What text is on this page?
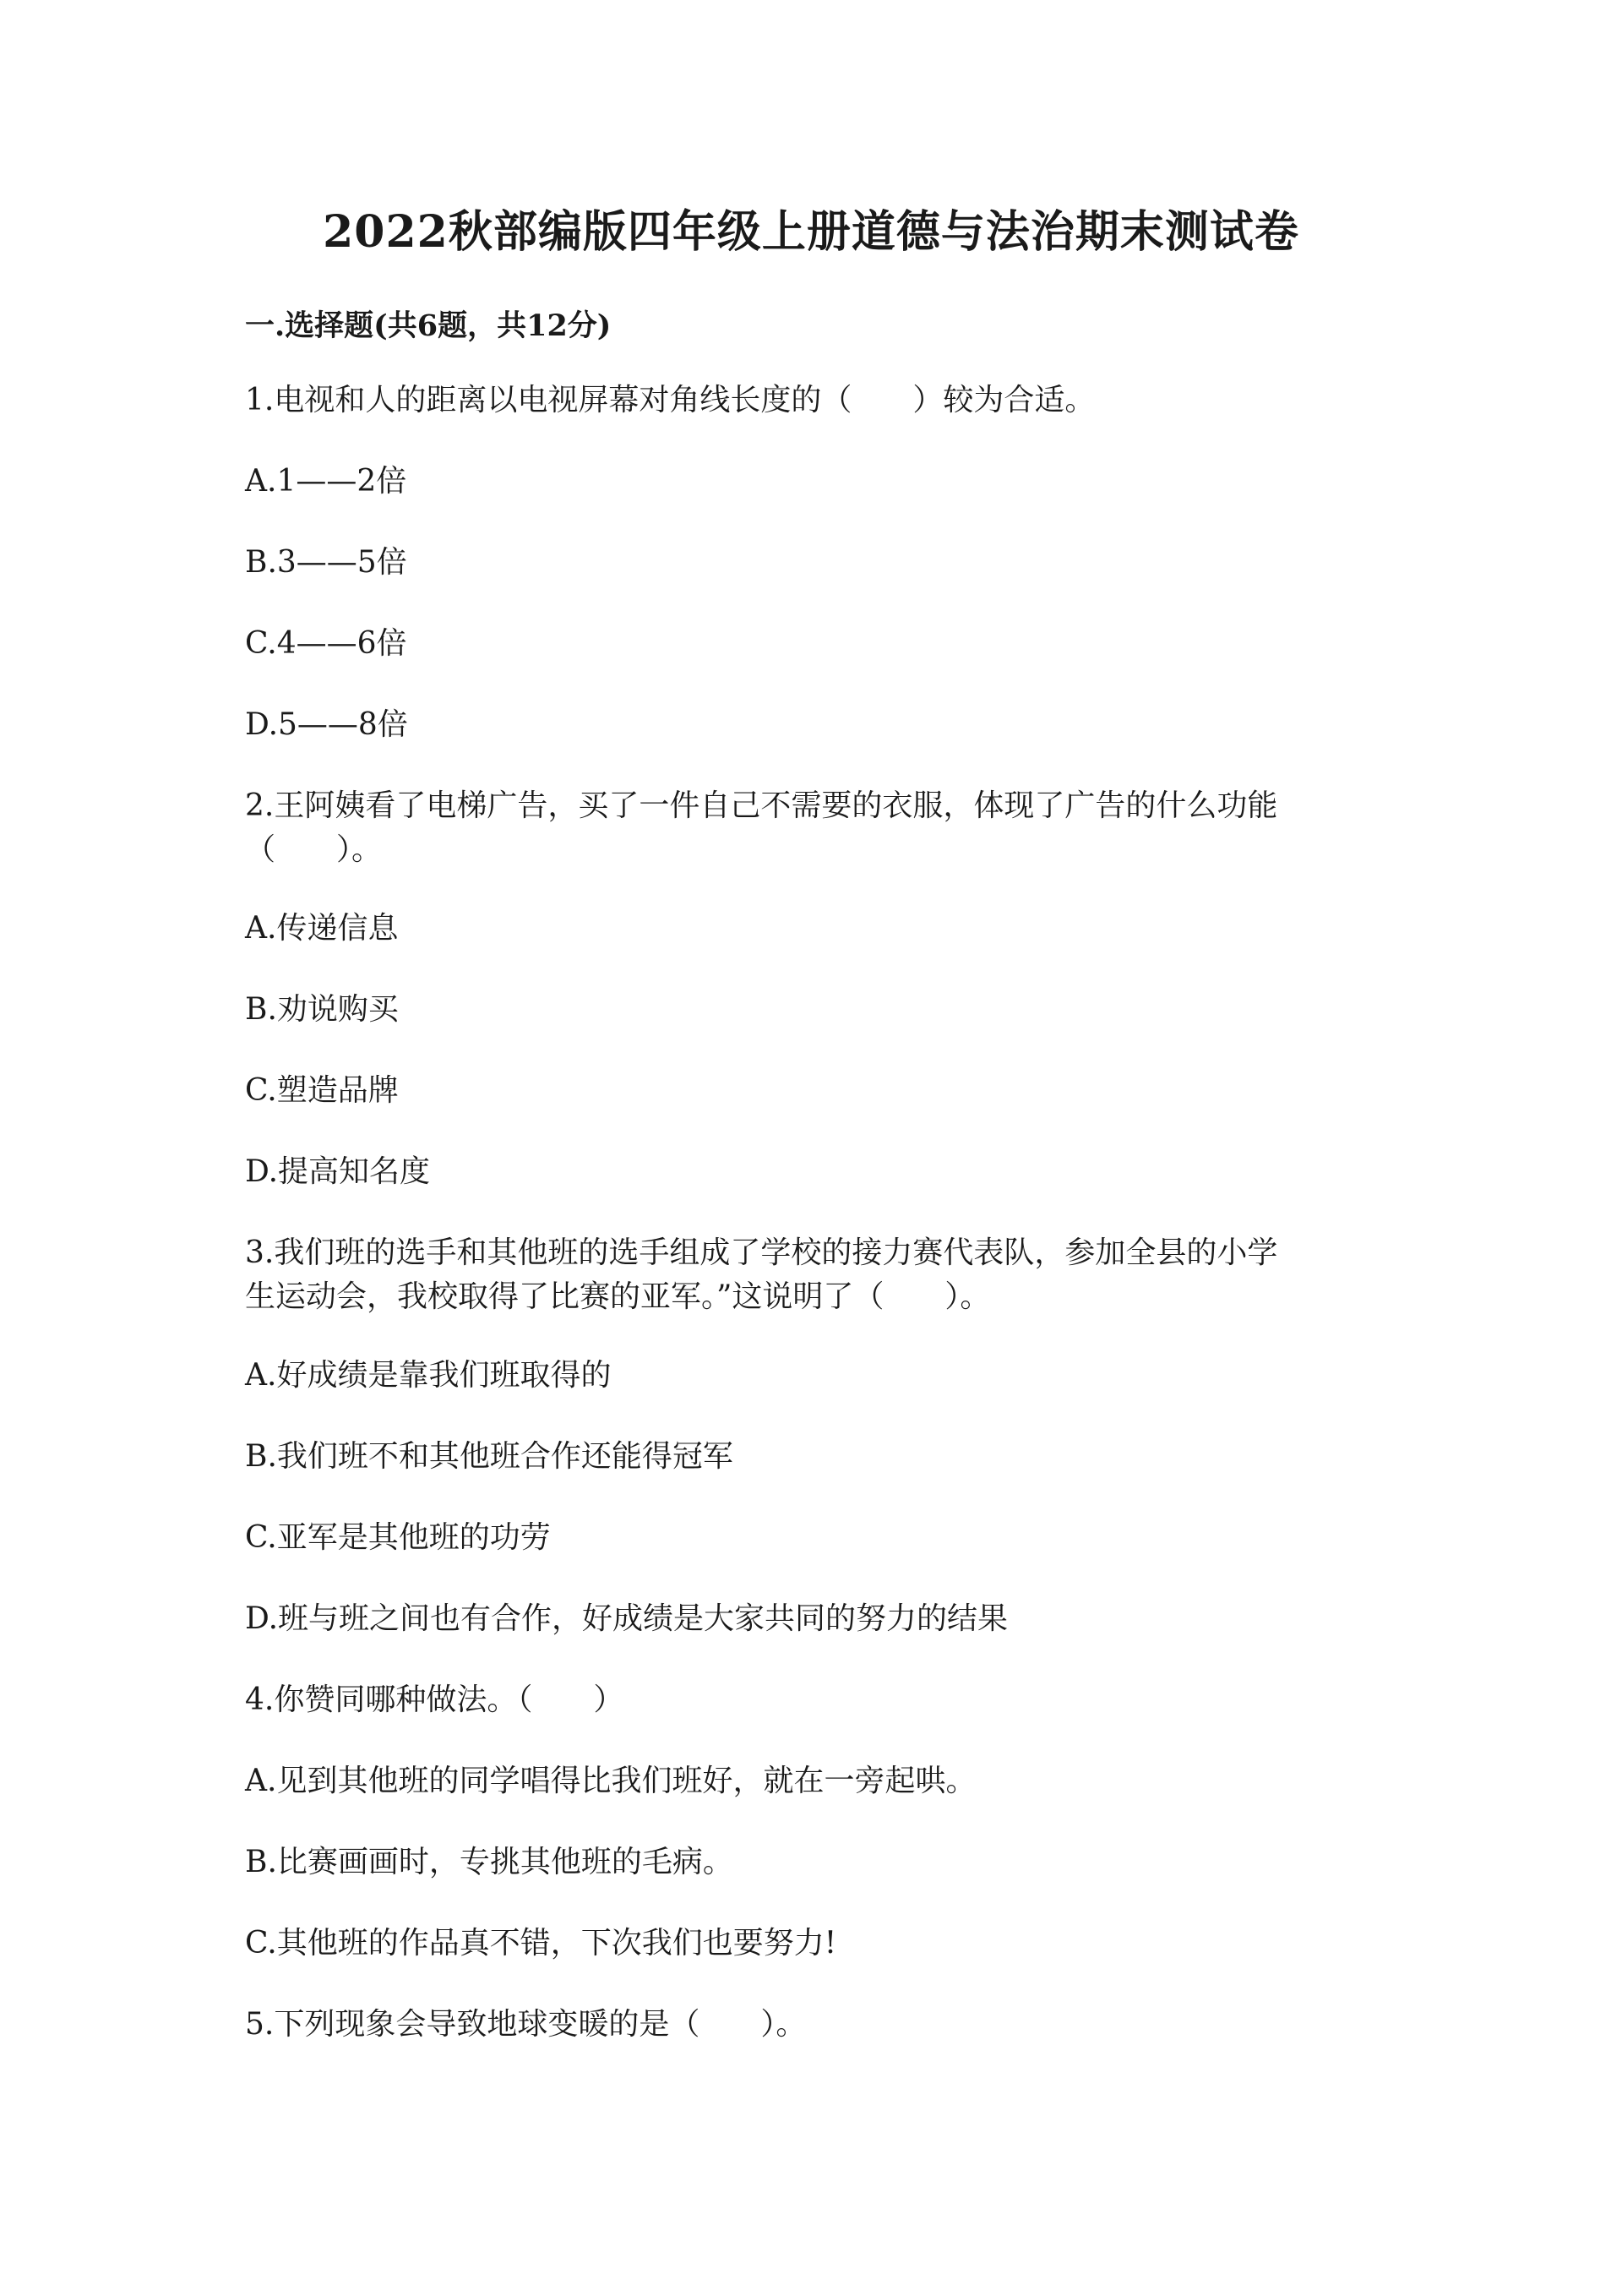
2022秋部编版四年级上册道德与法治期末测试卷
一.选择题(共6题，共12分)
1.电视和人的距离以电视屏幕对角线长度的（　　）较为合适。
A.1——2倍
B.3——5倍
C.4——6倍
D.5——8倍
2.王阿姨看了电梯广告，买了一件自己不需要的衣服，体现了广告的什么功能
（　　）。
A.传递信息
B.劝说购买
C.塑造品牌
D.提高知名度
3.我们班的选手和其他班的选手组成了学校的接力赛代表队，参加全县的小学
生运动会，我校取得了比赛的亚军。”这说明了（　　）。
A.好成绩是靠我们班取得的
B.我们班不和其他班合作还能得冠军
C.亚军是其他班的功劳
D.班与班之间也有合作，好成绩是大家共同的努力的结果
4.你赞同哪种做法。（　　）
A.见到其他班的同学唱得比我们班好，就在一旁起哄。
B.比赛画画时，专挑其他班的毛病。
C.其他班的作品真不错，下次我们也要努力!
5.下列现象会导致地球变暖的是（　　）。
